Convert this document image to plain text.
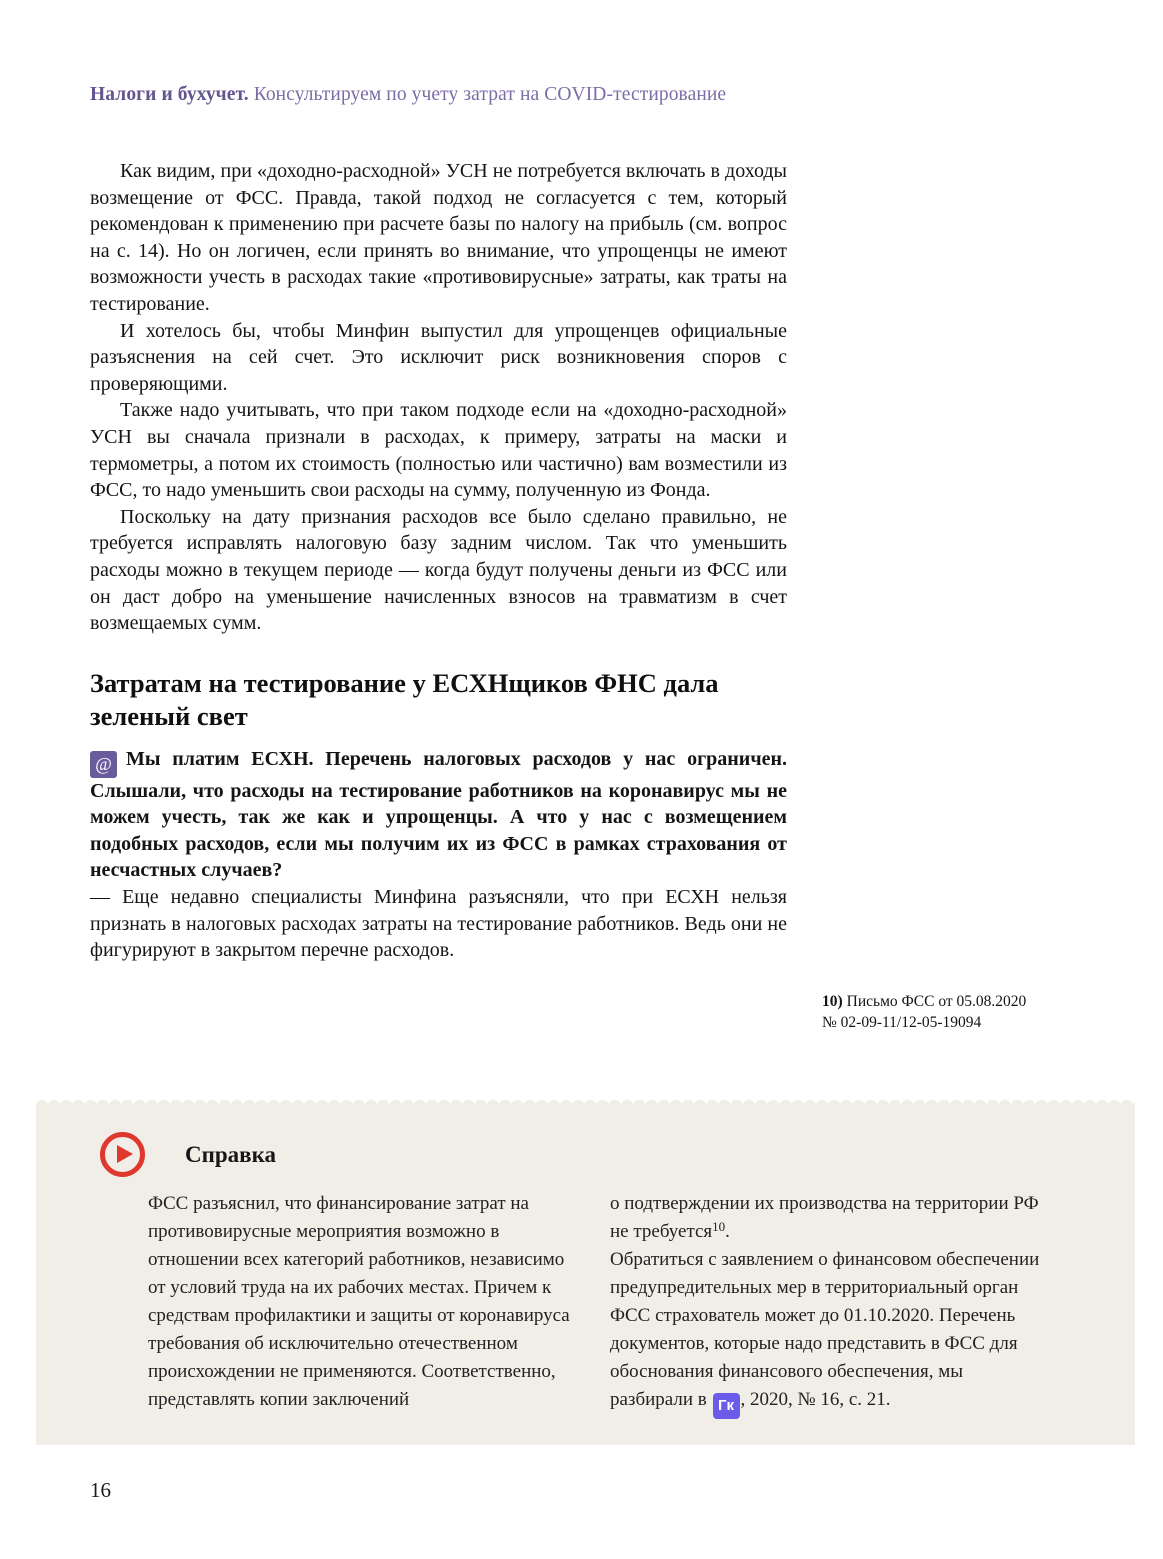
Налоги и бухучет. Консультируем по учету затрат на COVID-тестирование

Как видим, при «доходно-расходной» УСН не потребуется включать в доходы возмещение от ФСС. Правда, такой подход не согласуется с тем, который рекомендован к применению при расчете базы по налогу на прибыль (см. вопрос на с. 14). Но он логичен, если принять во внимание, что упрощенцы не имеют возможности учесть в расходах такие «противовирусные» затраты, как траты на тестирование.

И хотелось бы, чтобы Минфин выпустил для упрощенцев официальные разъяснения на сей счет. Это исключит риск возникновения споров с проверяющими.

Также надо учитывать, что при таком подходе если на «доходно-расходной» УСН вы сначала признали в расходах, к примеру, затраты на маски и термометры, а потом их стоимость (полностью или частично) вам возместили из ФСС, то надо уменьшить свои расходы на сумму, полученную из Фонда.

Поскольку на дату признания расходов все было сделано правильно, не требуется исправлять налоговую базу задним числом. Так что уменьшить расходы можно в текущем периоде — когда будут получены деньги из ФСС или он даст добро на уменьшение начисленных взносов на травматизм в счет возмещаемых сумм.

Затратам на тестирование у ЕСХНщиков ФНС дала зеленый свет

@ Мы платим ЕСХН. Перечень налоговых расходов у нас ограничен. Слышали, что расходы на тестирование работников на коронавирус мы не можем учесть, так же как и упрощенцы. А что у нас с возмещением подобных расходов, если мы получим их из ФСС в рамках страхования от несчастных случаев?

— Еще недавно специалисты Минфина разъясняли, что при ЕСХН нельзя признать в налоговых расходах затраты на тестирование работников. Ведь они не фигурируют в закрытом перечне расходов.

10) Письмо ФСС от 05.08.2020

№ 02-09-11/12-05-19094

Справка

ФСС разъяснил, что финансирование затрат на противовирусные мероприятия возможно в отношении всех категорий работников, независимо от условий труда на их рабочих местах. Причем к средствам профилактики и защиты от коронавируса требования об исключительно отечественном происхождении не применяются. Соответственно, представлять копии заключений

о подтверждении их производства на территории РФ не требуется$^{10}$.

Обратиться с заявлением о финансовом обеспечении предупредительных мер в территориальный орган ФСС страхователь может до 01.10.2020. Перечень документов, которые надо представить в ФСС для обоснования финансового обеспечения, мы разбирали в Гк , 2020, № 16, с. 21.

16
